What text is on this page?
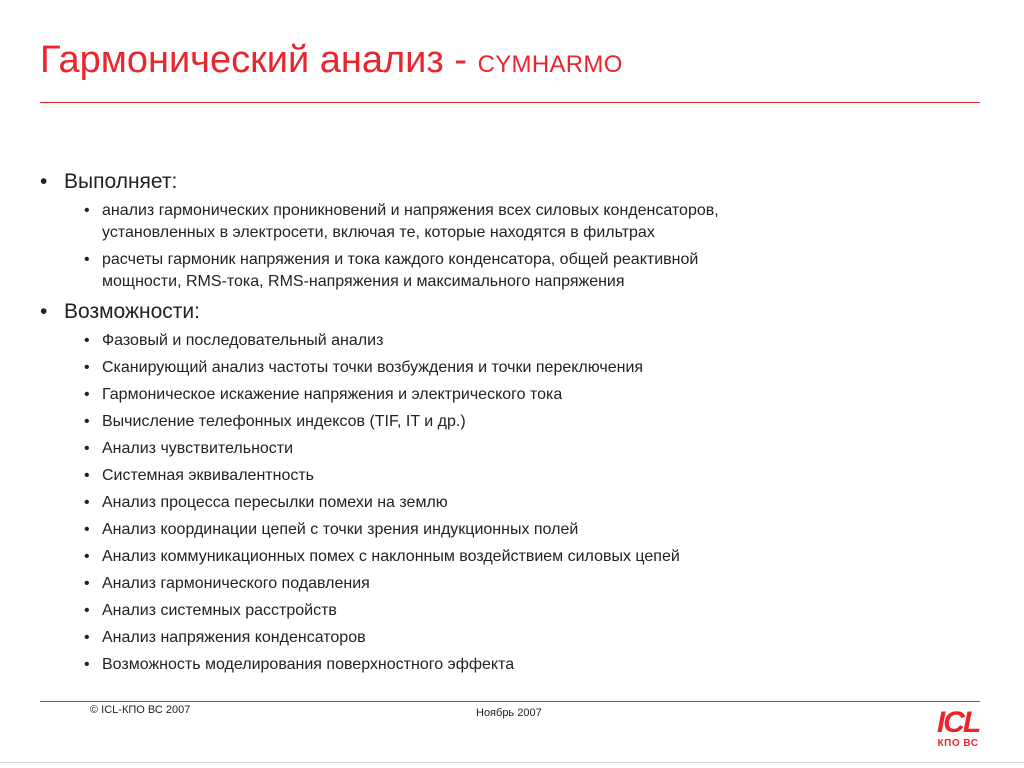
Гармонический анализ - CYMHARMO
• Выполняет:
• анализ гармонических проникновений и напряжения всех силовых конденсаторов,
установленных в электросети, включая те, которые находятся в фильтрах
• расчеты гармоник напряжения и тока каждого конденсатора, общей реактивной
мощности, RMS-тока, RMS-напряжения и максимального напряжения
• Возможности:
• Фазовый и последовательный анализ
• Сканирующий анализ частоты точки возбуждения и точки переключения
• Гармоническое искажение напряжения и электрического тока
• Вычисление телефонных индексов (TIF, IT и др.)
• Анализ чувствительности
• Системная эквивалентность
• Анализ процесса пересылки помехи на землю
• Анализ координации цепей с точки зрения индукционных полей
• Анализ коммуникационных помех с наклонным воздействием силовых цепей
• Анализ гармонического подавления
• Анализ системных расстройств
• Анализ напряжения конденсаторов
• Возможность моделирования поверхностного эффекта
© ICL-КПО ВС 2007	Ноябрь 2007	ICL
КПО ВС
